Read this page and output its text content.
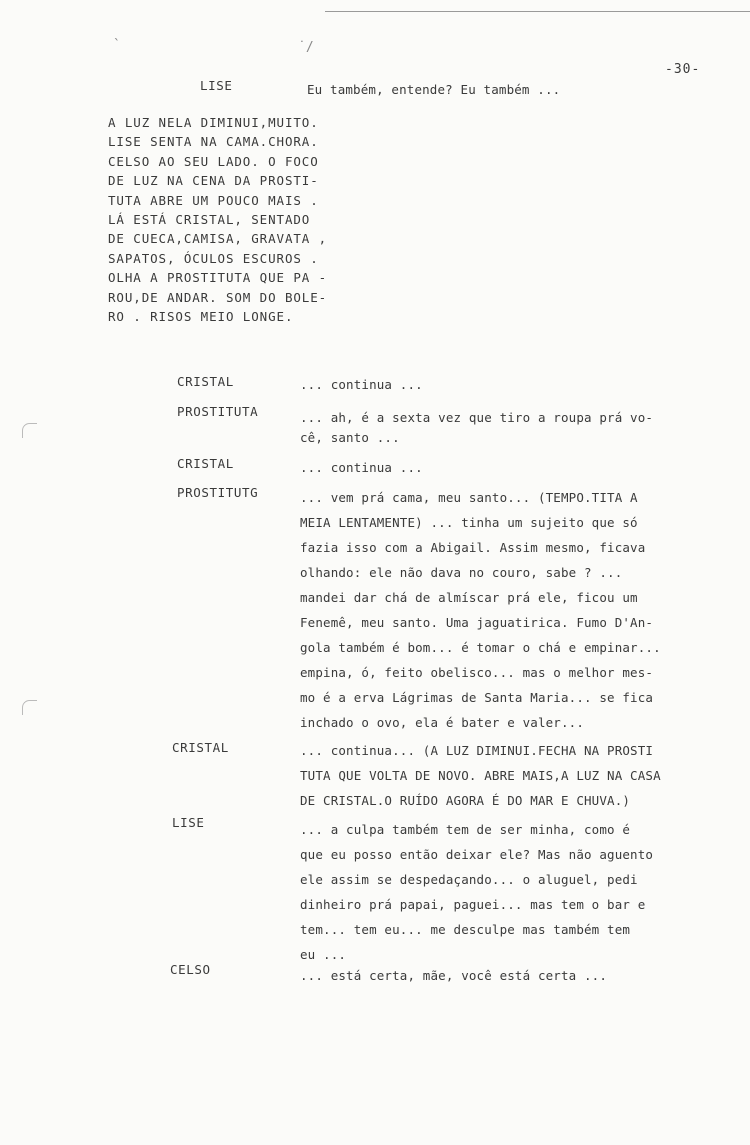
`	˙/
-30-
LISE	Eu também, entende? Eu também ...
A LUZ NELA DIMINUI,MUITO.
LISE SENTA NA CAMA.CHORA.
CELSO AO SEU LADO. O FOCO
DE LUZ NA CENA DA PROSTI-
TUTA ABRE UM POUCO MAIS .
LÁ ESTÁ CRISTAL, SENTADO
DE CUECA,CAMISA, GRAVATA ,
SAPATOS, ÓCULOS ESCUROS .
OLHA A PROSTITUTA QUE PA -
ROU,DE ANDAR. SOM DO BOLE-
RO . RISOS MEIO LONGE.
CRISTAL	... continua ...
PROSTITUTA	... ah, é a sexta vez que tiro a roupa prá vo-
cê, santo ...
CRISTAL	... continua ...
PROSTITUTG	... vem prá cama, meu santo... (TEMPO.TITA A
MEIA LENTAMENTE) ... tinha um sujeito que só
fazia isso com a Abigail. Assim mesmo, ficava
olhando: ele não dava no couro, sabe ? ...
mandei dar chá de almíscar prá ele, ficou um
Fenemê, meu santo. Uma jaguatirica. Fumo D'An-
gola também é bom... é tomar o chá e empinar...
empina, ó, feito obelisco... mas o melhor mes-
mo é a erva Lágrimas de Santa Maria... se fica
inchado o ovo, ela é bater e valer...
CRISTAL	... continua... (A LUZ DIMINUI.FECHA NA PROSTI
TUTA QUE VOLTA DE NOVO. ABRE MAIS,A LUZ NA CASA
DE CRISTAL.O RUÍDO AGORA É DO MAR E CHUVA.)
LISE	... a culpa também tem de ser minha, como é
que eu posso então deixar ele? Mas não aguento
ele assim se despedaçando... o aluguel, pedi
dinheiro prá papai, paguei... mas tem o bar e
tem... tem eu... me desculpe mas também tem
eu ...
CELSO	... está certa, mãe, você está certa ...
